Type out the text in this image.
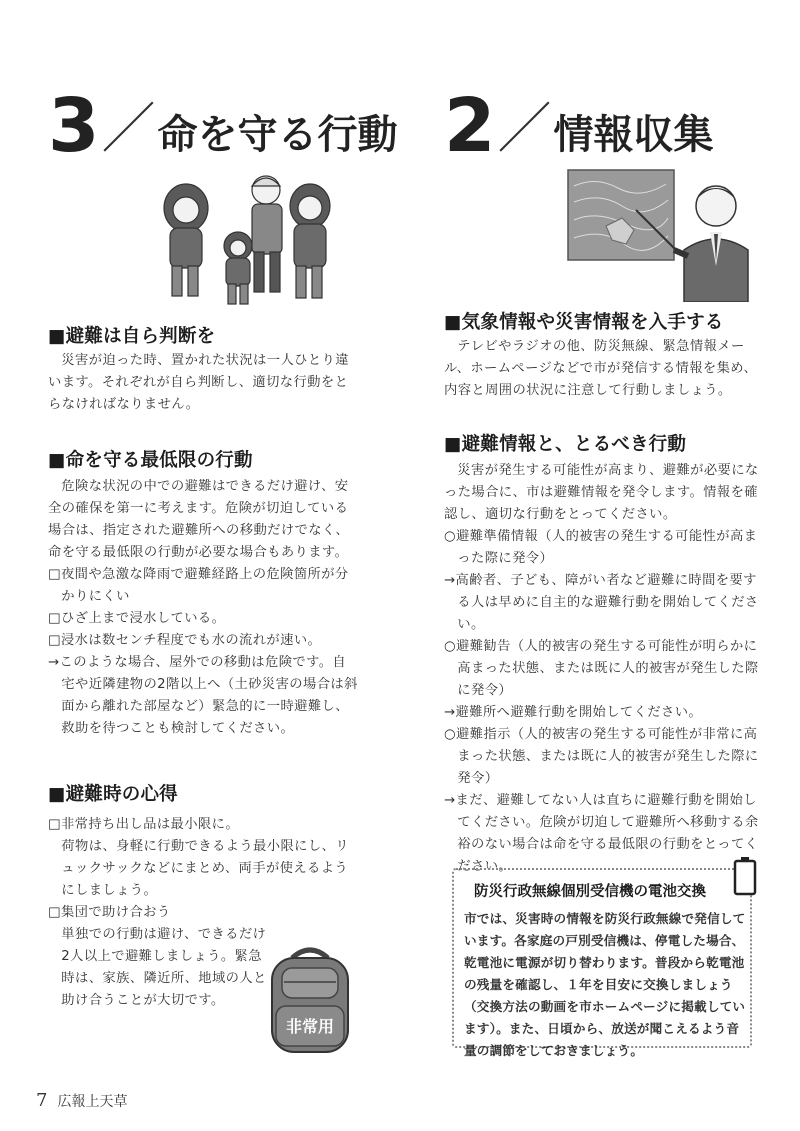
3／命を守る行動
■避難は自ら判断を

災害が迫った時、置かれた状況は一人ひとり違います。それぞれが自ら判断し、適切な行動をとらなければなりません。

■命を守る最低限の行動

危険な状況の中での避難はできるだけ避け、安全の確保を第一に考えます。危険が切迫している場合は、指定された避難所への移動だけでなく、命を守る最低限の行動が必要な場合もあります。

□夜間や急激な降雨で避難経路上の危険箇所が分かりにくい

□ひざ上まで浸水している。

□浸水は数センチ程度でも水の流れが速い。

→このような場合、屋外での移動は危険です。自宅や近隣建物の2階以上へ（土砂災害の場合は斜面から離れた部屋など）緊急的に一時避難し、救助を待つことも検討してください。

■避難時の心得

□非常持ち出し品は最小限に。

荷物は、身軽に行動できるよう最小限にし、リュックサックなどにまとめ、両手が使えるようにしましょう。

□集団で助け合おう

単独での行動は避け、できるだけ2人以上で避難しましょう。緊急時は、家族、隣近所、地域の人と助け合うことが大切です。

非常用
2／情報収集
■気象情報や災害情報を入手する

テレビやラジオの他、防災無線、緊急情報メール、ホームページなどで市が発信する情報を集め、内容と周囲の状況に注意して行動しましょう。

■避難情報と、とるべき行動

災害が発生する可能性が高まり、避難が必要になった場合に、市は避難情報を発令します。情報を確認し、適切な行動をとってください。

○避難準備情報（人的被害の発生する可能性が高まった際に発令）

→高齢者、子ども、障がい者など避難に時間を要する人は早めに自主的な避難行動を開始してください。

○避難勧告（人的被害の発生する可能性が明らかに高まった状態、または既に人的被害が発生した際に発令）

→避難所へ避難行動を開始してください。

○避難指示（人的被害の発生する可能性が非常に高まった状態、または既に人的被害が発生した際に発令）

→まだ、避難してない人は直ちに避難行動を開始してください。危険が切迫して避難所へ移動する余裕のない場合は命を守る最低限の行動をとってください。

防災行政無線個別受信機の電池交換
市では、災害時の情報を防災行政無線で発信しています。各家庭の戸別受信機は、停電した場合、乾電池に電源が切り替わります。普段から乾電池の残量を確認し、１年を目安に交換しましょう（交換方法の動画を市ホームページに掲載しています）。また、日頃から、放送が聞こえるよう音量の調節をしておきましょう。
7 広報上天草
